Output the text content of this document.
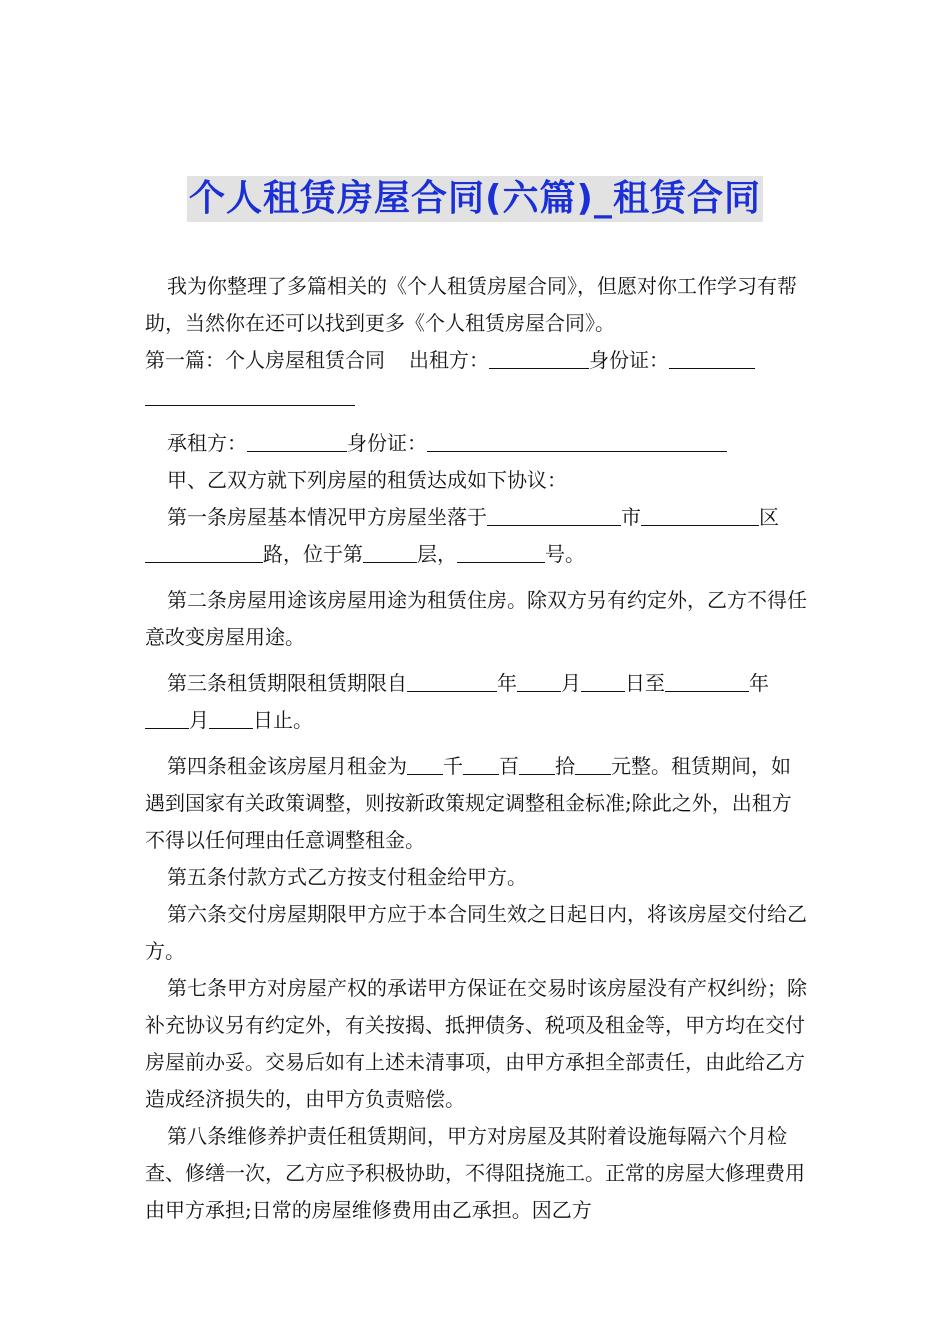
个人租赁房屋合同(六篇)_租赁合同

我为你整理了多篇相关的《个人租赁房屋合同》，但愿对你工作学习有帮助，当然你在还可以找到更多《个人租赁房屋合同》。

第一篇：个人房屋租赁合同 出租方：	身份证：

承租方：	身份证：

甲、乙双方就下列房屋的租赁达成如下协议：

第一条房屋基本情况甲方房屋坐落于	市	区路，位于第	层，	号。

第二条房屋用途该房屋用途为租赁住房。除双方另有约定外，乙方不得任意改变房屋用途。

第三条租赁期限租赁期限自	年 月 日至	年月 日止。

第四条租金该房屋月租金为 千 百 拾 元整。租赁期间，如遇到国家有关政策调整，则按新政策规定调整租金标准;除此之外，出租方不得以任何理由任意调整租金。

第五条付款方式乙方按支付租金给甲方。

第六条交付房屋期限甲方应于本合同生效之日起日内，将该房屋交付给乙方。

第七条甲方对房屋产权的承诺甲方保证在交易时该房屋没有产权纠纷；除补充协议另有约定外，有关按揭、抵押债务、税项及租金等，甲方均在交付房屋前办妥。交易后如有上述未清事项，由甲方承担全部责任，由此给乙方造成经济损失的，由甲方负责赔偿。

第八条维修养护责任租赁期间，甲方对房屋及其附着设施每隔六个月检查、修缮一次，乙方应予积极协助，不得阻挠施工。正常的房屋大修理费用由甲方承担;日常的房屋维修费用由乙承担。因乙方
